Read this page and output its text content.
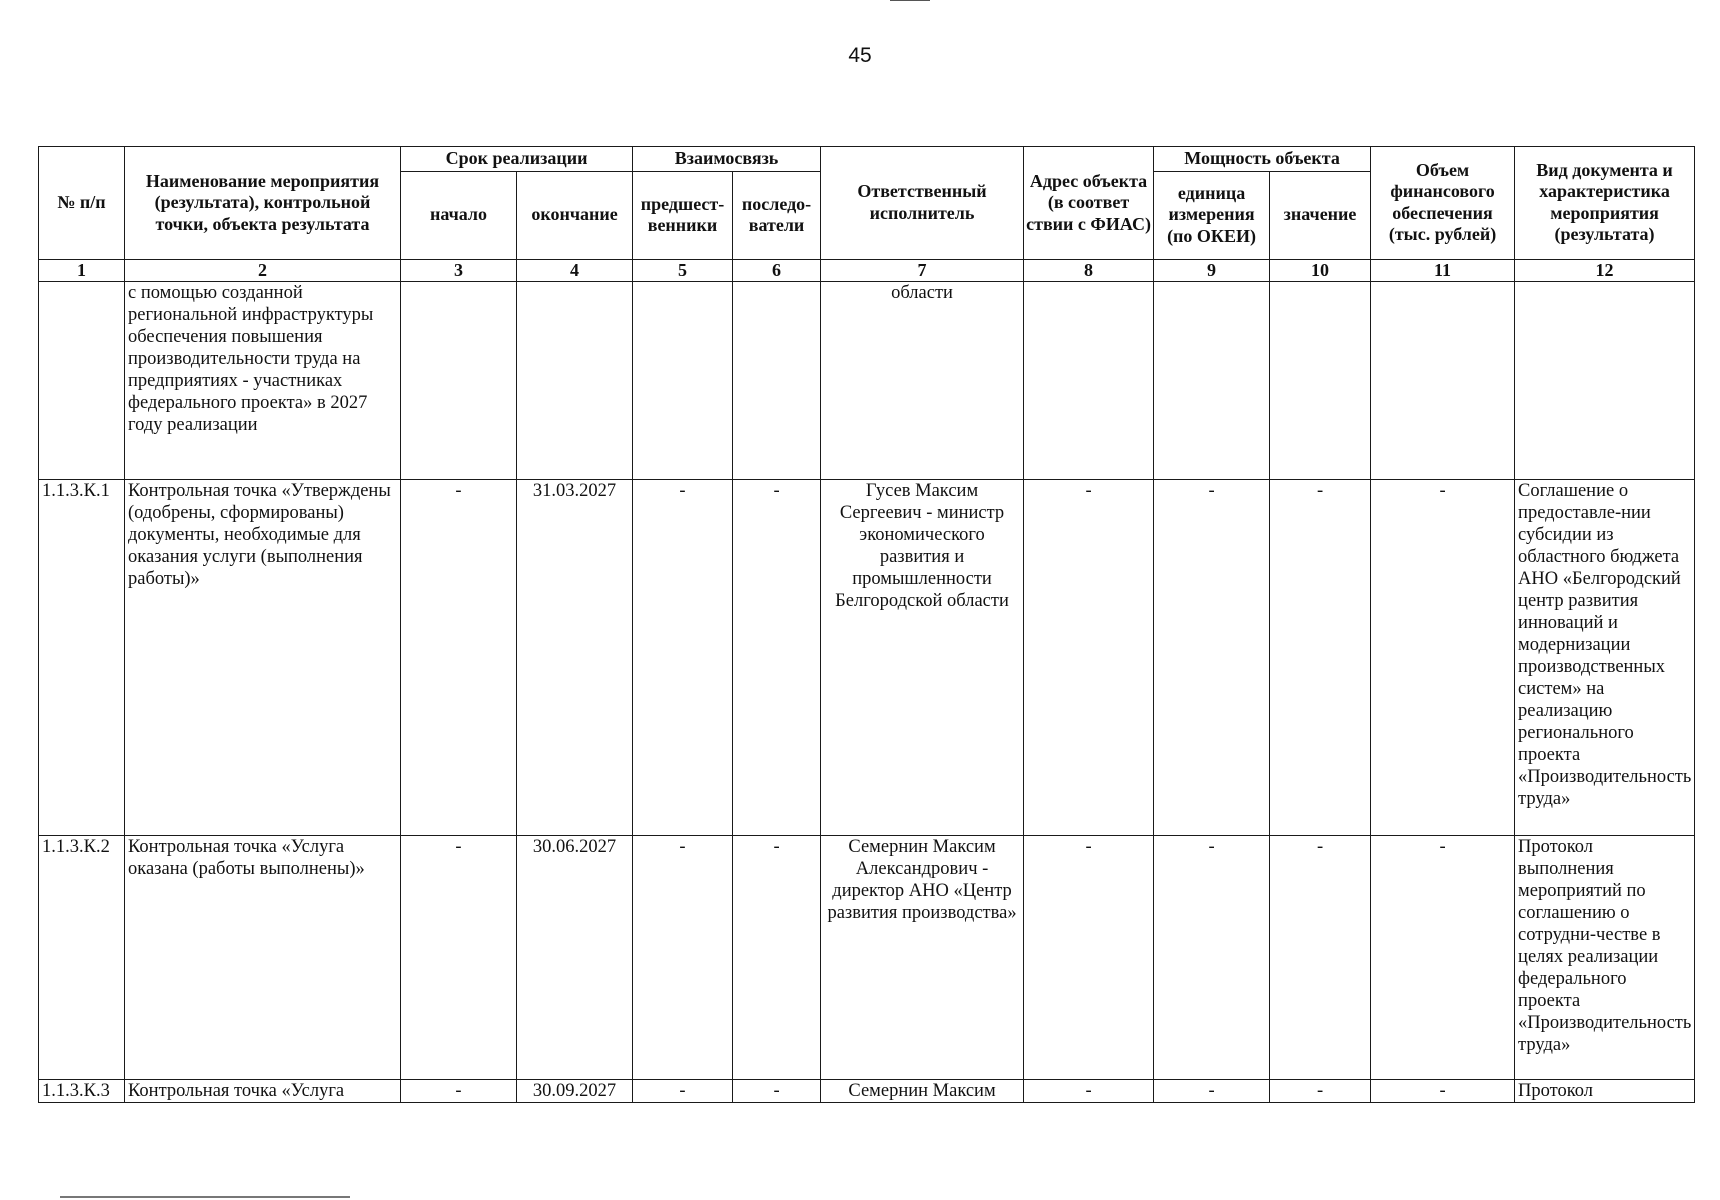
45
№ п/п	Наименование мероприятия (результата), контрольной точки, объекта результата	Срок реализации		Взаимосвязь		Ответственный исполнитель	Адрес объекта (в соответ ствии с ФИАС)	Мощность объекта		Объем финансового обеспечения (тыс. рублей)	Вид документа и характеристика мероприятия (результата)
		начало	окончание	предшест-венники	последо-ватели			единица измерения (по ОКЕИ)	значение		
1	2	3	4	5	6	7	8	9	10	11	12
	с помощью созданной региональной инфраструктуры обеспечения повышения производительности труда на предприятиях - участниках федерального проекта» в 2027 году реализации					области					
1.1.3.К.1	Контрольная точка «Утверждены (одобрены, сформированы) документы, необходимые для оказания услуги (выполнения работы)»	-	31.03.2027	-	-	Гусев Максим Сергеевич - министр экономического развития и промышленности Белгородской области	-	-	-	-	Соглашение о предоставле-нии субсидии из областного бюджета АНО «Белгородский центр развития инноваций и модернизации производственных систем» на реализацию регионального проекта «Производительность труда»
1.1.3.К.2	Контрольная точка «Услуга оказана (работы выполнены)»	-	30.06.2027	-	-	Семернин Максим Александрович - директор АНО «Центр развития производства»	-	-	-	-	Протокол выполнения мероприятий по соглашению о сотрудни-честве в целях реализации федерального проекта «Производительность труда»
1.1.3.К.3	Контрольная точка «Услуга	-	30.09.2027	-	-	Семернин Максим	-	-	-	-	Протокол
